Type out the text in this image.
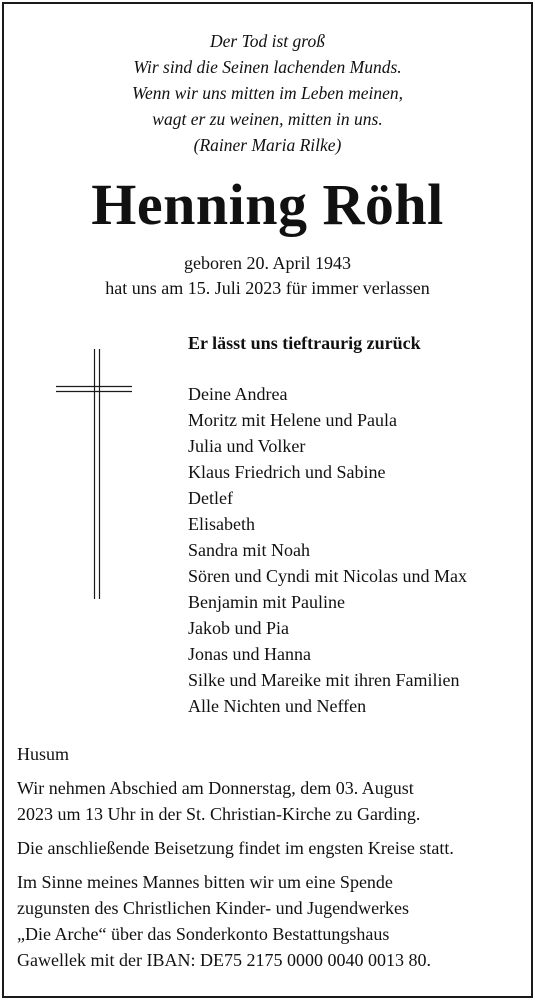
Der Tod ist groß
Wir sind die Seinen lachenden Munds.
Wenn wir uns mitten im Leben meinen,
wagt er zu weinen, mitten in uns.
(Rainer Maria Rilke)
Henning Röhl
geboren 20. April 1943
hat uns am 15. Juli 2023 für immer verlassen
Er lässt uns tieftraurig zurück
Deine Andrea
Moritz mit Helene und Paula
Julia und Volker
Klaus Friedrich und Sabine
Detlef
Elisabeth
Sandra mit Noah
Sören und Cyndi mit Nicolas und Max
Benjamin mit Pauline
Jakob und Pia
Jonas und Hanna
Silke und Mareike mit ihren Familien
Alle Nichten und Neffen
Husum
Wir nehmen Abschied am Donnerstag, dem 03. August
2023 um 13 Uhr in der St. Christian-Kirche zu Garding.
Die anschließende Beisetzung findet im engsten Kreise statt.
Im Sinne meines Mannes bitten wir um eine Spende
zugunsten des Christlichen Kinder- und Jugendwerkes
„Die Arche“ über das Sonderkonto Bestattungshaus
Gawellek mit der IBAN: DE75 2175 0000 0040 0013 80.
